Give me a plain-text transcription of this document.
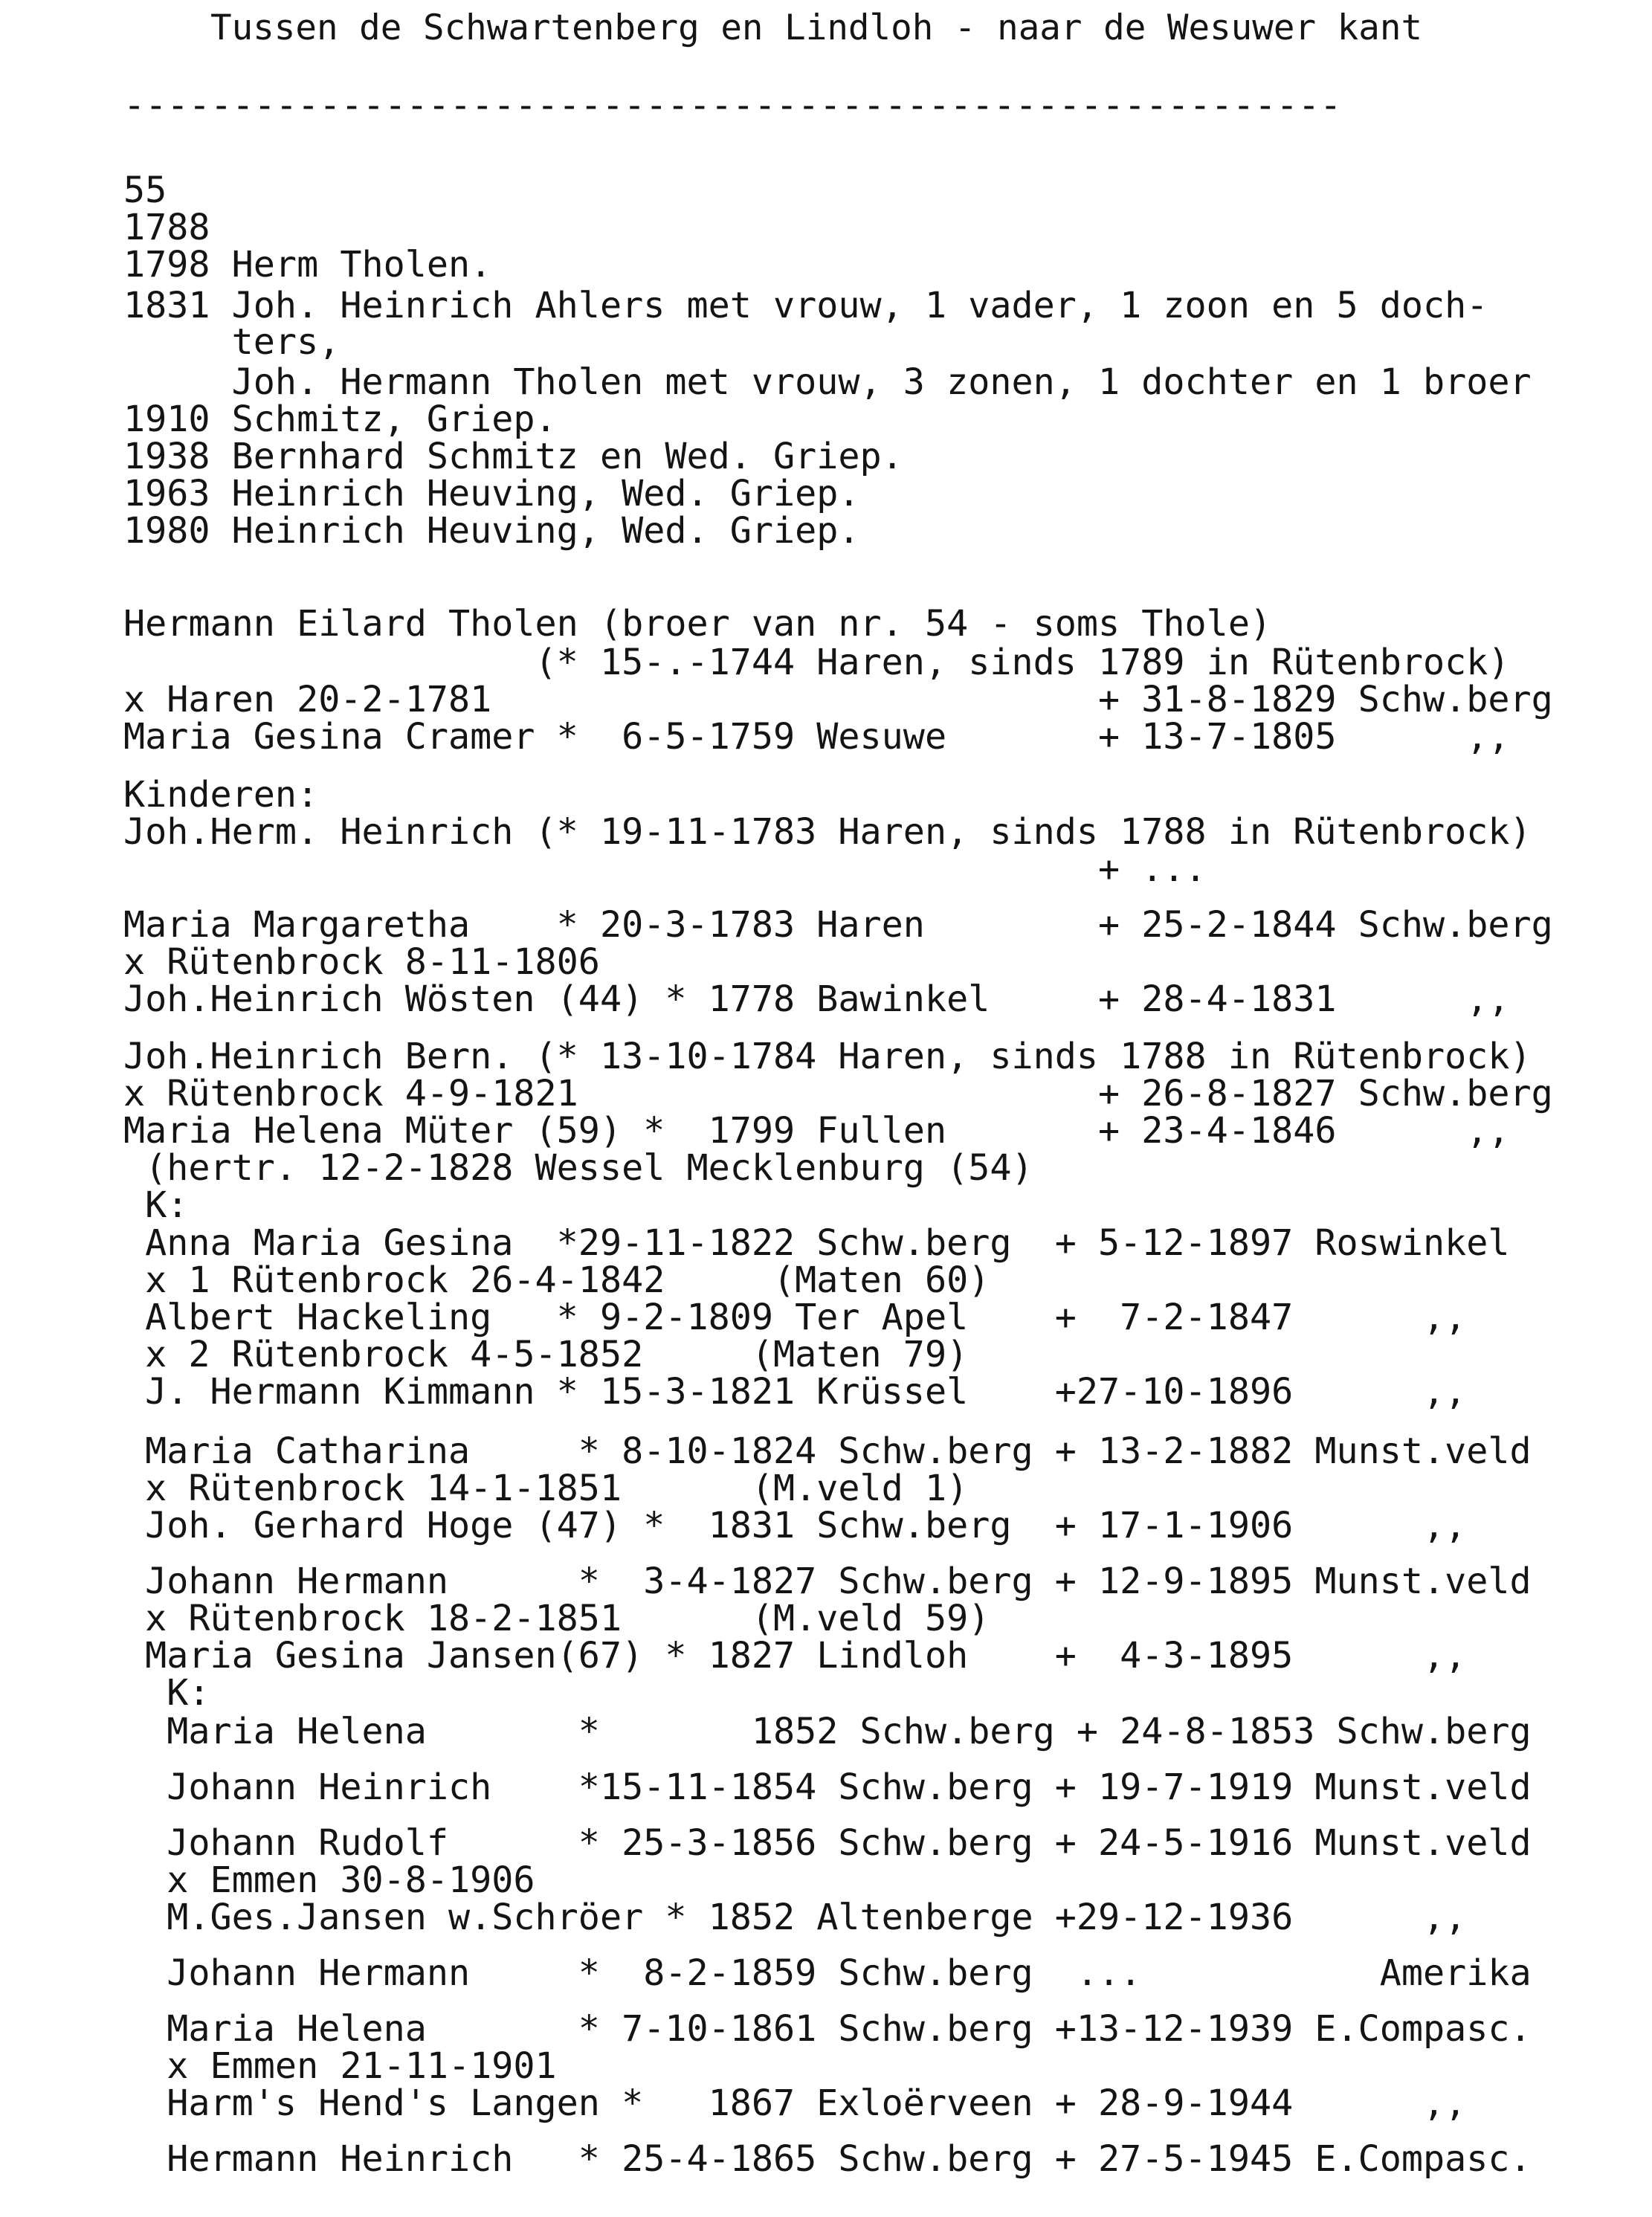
Tussen de Schwartenberg en Lindloh - naar de Wesuwer kant

--------------------------------------------------------

55

1788

1798 Herm Tholen.

1831 Joh. Heinrich Ahlers met vrouw, 1 vader, 1 zoon en 5 doch-

ters,

Joh. Hermann Tholen met vrouw, 3 zonen, 1 dochter en 1 broer

1910 Schmitz, Griep.

1938 Bernhard Schmitz en Wed. Griep.

1963 Heinrich Heuving, Wed. Griep.

1980 Heinrich Heuving, Wed. Griep.

Hermann Eilard Tholen (broer van nr. 54 - soms Thole)

(* 15-.-1744 Haren, sinds 1789 in Rütenbrock)

x Haren 20-2-1781                            + 31-8-1829 Schw.berg

Maria Gesina Cramer *  6-5-1759 Wesuwe       + 13-7-1805      ,,

Kinderen:

Joh.Herm. Heinrich (* 19-11-1783 Haren, sinds 1788 in Rütenbrock)

+ ...

Maria Margaretha    * 20-3-1783 Haren        + 25-2-1844 Schw.berg

x Rütenbrock 8-11-1806

Joh.Heinrich Wösten (44) * 1778 Bawinkel     + 28-4-1831      ,,

Joh.Heinrich Bern. (* 13-10-1784 Haren, sinds 1788 in Rütenbrock)

x Rütenbrock 4-9-1821                        + 26-8-1827 Schw.berg

Maria Helena Müter (59) *  1799 Fullen       + 23-4-1846      ,,

(hertr. 12-2-1828 Wessel Mecklenburg (54)

K:

Anna Maria Gesina  *29-11-1822 Schw.berg  + 5-12-1897 Roswinkel

x 1 Rütenbrock 26-4-1842     (Maten 60)

Albert Hackeling   * 9-2-1809 Ter Apel    +  7-2-1847      ,,

x 2 Rütenbrock 4-5-1852     (Maten 79)

J. Hermann Kimmann * 15-3-1821 Krüssel    +27-10-1896      ,,

Maria Catharina     * 8-10-1824 Schw.berg + 13-2-1882 Munst.veld

x Rütenbrock 14-1-1851      (M.veld 1)

Joh. Gerhard Hoge (47) *  1831 Schw.berg  + 17-1-1906      ,,

Johann Hermann      *  3-4-1827 Schw.berg + 12-9-1895 Munst.veld

x Rütenbrock 18-2-1851      (M.veld 59)

Maria Gesina Jansen(67) * 1827 Lindloh    +  4-3-1895      ,,

K:

Maria Helena       *       1852 Schw.berg + 24-8-1853 Schw.berg

Johann Heinrich    *15-11-1854 Schw.berg + 19-7-1919 Munst.veld

Johann Rudolf      * 25-3-1856 Schw.berg + 24-5-1916 Munst.veld

x Emmen 30-8-1906

M.Ges.Jansen w.Schröer * 1852 Altenberge +29-12-1936      ,,

Johann Hermann     *  8-2-1859 Schw.berg  ...           Amerika

Maria Helena       * 7-10-1861 Schw.berg +13-12-1939 E.Compasc.

x Emmen 21-11-1901

Harm's Hend's Langen *   1867 Exloërveen + 28-9-1944      ,,

Hermann Heinrich   * 25-4-1865 Schw.berg + 27-5-1945 E.Compasc.
